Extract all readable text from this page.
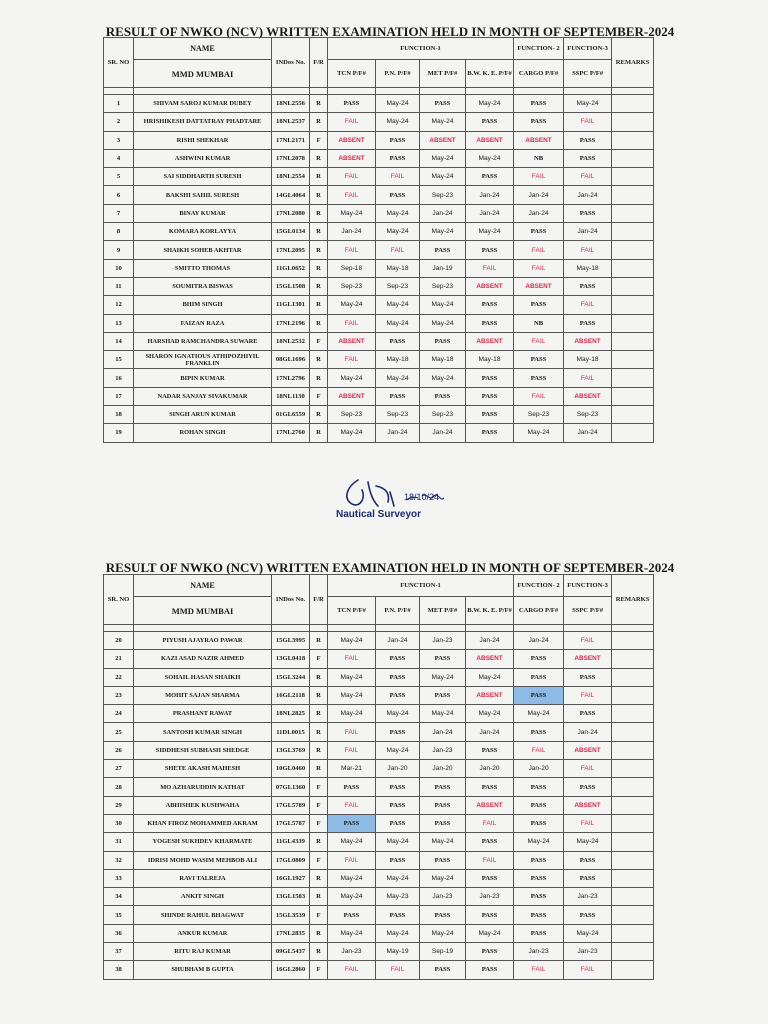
RESULT OF NWKO (NCV) WRITTEN EXAMINATION HELD IN MONTH OF SEPTEMBER-2024
SR. NO	NAME	INDos No.	F/R	FUNCTION-1				FUNCTION- 2	FUNCTION-3	REMARKS
	MMD MUMBAI			TCN P/F#	P.N. P/F#	MET P/F#	B.W. K. E. P/F#	CARGO P/F#	SSPC P/F#	

1	SHIVAM SAROJ KUMAR DUBEY	18NL2556	R	PASS	May-24	PASS	May-24	PASS	May-24	
2	HRISHIKESH DATTATRAY PHADTARE	18NL2537	R	FAIL	May-24	May-24	PASS	PASS	FAIL	
3	RISHI SHEKHAR	17NL2171	F	ABSENT	PASS	ABSENT	ABSENT	ABSENT	PASS	
4	ASHWINI KUMAR	17NL2078	R	ABSENT	PASS	May-24	May-24	NB	PASS	
5	SAI SIDDHARTH SURESH	18NL2554	R	FAIL	FAIL	May-24	PASS	FAIL	FAIL	
6	BAKSHI SAHIL SURESH	14GL4064	R	FAIL	PASS	Sep-23	Jan-24	Jan-24	Jan-24	
7	BINAY KUMAR	17NL2080	R	May-24	May-24	Jan-24	Jan-24	Jan-24	PASS	
8	KOMARA KORLAYYA	15GL0134	R	Jan-24	May-24	May-24	May-24	PASS	Jan-24	
9	SHAIKH SOHEB AKHTAR	17NL2095	R	FAIL	FAIL	PASS	PASS	FAIL	FAIL	
10	SMITTO THOMAS	11GL0652	R	Sep-18	May-18	Jan-19	FAIL	FAIL	May-18	
11	SOUMITRA BISWAS	15GL1508	R	Sep-23	Sep-23	Sep-23	ABSENT	ABSENT	PASS	
12	BHIM SINGH	11GL1301	R	May-24	May-24	May-24	PASS	PASS	FAIL	
13	FAIZAN RAZA	17NL2196	R	FAIL	May-24	May-24	PASS	NB	PASS	
14	HARSHAD RAMCHANDRA SUWARE	18NL2532	F	ABSENT	PASS	PASS	ABSENT	FAIL	ABSENT	
15	SHARON IGNATIOUS ATHIPOZHIYIL FRANKLIN	08GL1696	R	FAIL	May-18	May-18	May-18	PASS	May-18	
16	BIPIN KUMAR	17NL2796	R	May-24	May-24	May-24	PASS	PASS	FAIL	
17	NADAR SANJAY SIVAKUMAR	18NL1130	F	ABSENT	PASS	PASS	PASS	FAIL	ABSENT	
18	SINGH ARUN KUMAR	01GL6559	R	Sep-23	Sep-23	Sep-23	PASS	Sep-23	Sep-23	
19	ROHAN SINGH	17NL2760	R	May-24	Jan-24	Jan-24	PASS	May-24	Jan-24	
18/10/24
Nautical Surveyor
RESULT OF NWKO (NCV) WRITTEN EXAMINATION HELD IN MONTH OF SEPTEMBER-2024
SR. NO	NAME	INDos No.	F/R	FUNCTION-1				FUNCTION- 2	FUNCTION-3	REMARKS
	MMD MUMBAI			TCN P/F#	P.N. P/F#	MET P/F#	B.W. K. E. P/F#	CARGO P/F#	SSPC P/F#	

20	PIYUSH AJAYRAO PAWAR	15GL3995	R	May-24	Jan-24	Jan-23	Jan-24	Jan-24	FAIL	
21	KAZI ASAD NAZIR AHMED	13GL0418	F	FAIL	PASS	PASS	ABSENT	PASS	ABSENT	
22	SOHAIL HASAN SHAIKH	15GL3244	R	May-24	PASS	May-24	May-24	PASS	PASS	
23	MOHIT SAJAN SHARMA	16GL2118	R	May-24	PASS	PASS	ABSENT	PASS	FAIL	
24	PRASHANT RAWAT	18NL2825	R	May-24	May-24	May-24	May-24	May-24	PASS	
25	SANTOSH KUMAR SINGH	11DL0015	R	FAIL	PASS	Jan-24	Jan-24	PASS	Jan-24	
26	SIDDHESH SUBHASH SHEDGE	13GL3769	R	FAIL	May-24	Jan-23	PASS	FAIL	ABSENT	
27	SHETE AKASH MAHESH	10GL0460	R	Mar-21	Jan-20	Jan-20	Jan-20	Jan-20	FAIL	
28	MO AZHARUDDIN KATHAT	07GL1360	F	PASS	PASS	PASS	PASS	PASS	PASS	
29	ABHISHEK KUSHWAHA	17GL5789	F	FAIL	PASS	PASS	ABSENT	PASS	ABSENT	
30	KHAN FIROZ MOHAMMED AKRAM	17GL5787	F	PASS	PASS	PASS	FAIL	PASS	FAIL	
31	YOGESH SUKHDEV KHARMATE	11GL4339	R	May-24	May-24	May-24	PASS	May-24	May-24	
32	IDRISI MOHD WASIM MEHBOB ALI	17GL0809	F	FAIL	PASS	PASS	FAIL	PASS	PASS	
33	RAVI TALREJA	16GL1927	R	May-24	May-24	May-24	PASS	PASS	PASS	
34	ANKIT SINGH	13GL1583	R	May-24	May-23	Jan-23	Jan-23	PASS	Jan-23	
35	SHINDE RAHUL BHAGWAT	15GL3539	F	PASS	PASS	PASS	PASS	PASS	PASS	
36	ANKUR KUMAR	17NL2835	R	May-24	May-24	May-24	May-24	PASS	May-24	
37	RITU RAJ KUMAR	09GL5437	R	Jan-23	May-19	Sep-19	PASS	Jan-23	Jan-23	
38	SHUBHAM B GUPTA	16GL2860	F	FAIL	FAIL	PASS	PASS	FAIL	FAIL	
